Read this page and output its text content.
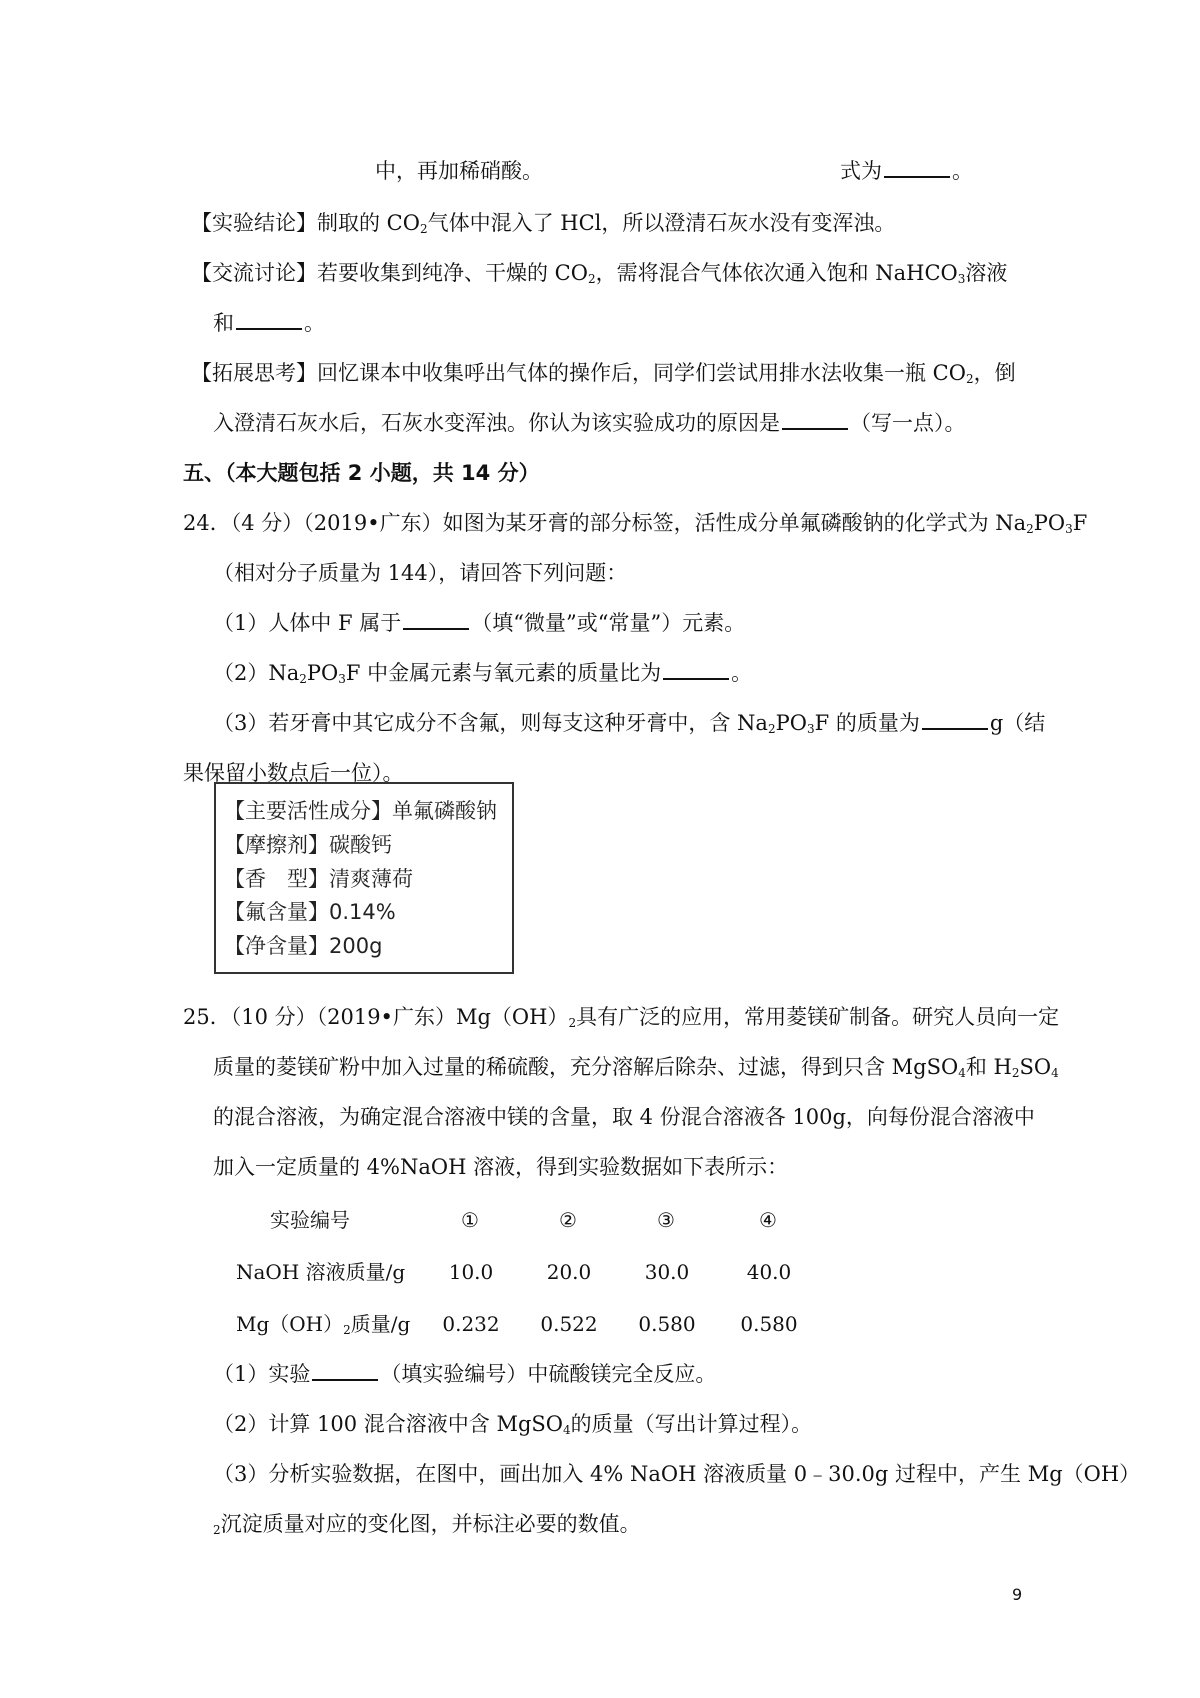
中，再加稀硝酸。	式为	。
【实验结论】制取的 $CO_2$气体中混入了 HCl，所以澄清石灰水没有变浑浊。
【交流讨论】若要收集到纯净、干燥的 $CO_2$，需将混合气体依次通入饱和 NaHCO$_3$溶液
和	。
【拓展思考】回忆课本中收集呼出气体的操作后，同学们尝试用排水法收集一瓶 $CO_2$，倒
入澄清石灰水后，石灰水变浑浊。你认为该实验成功的原因是	（写一点）。
五、（本大题包括 2 小题，共 14 分）
24．（4 分）（2019•广东）如图为某牙膏的部分标签，活性成分单氟磷酸钠的化学式为 $Na_2PO_3F$
（相对分子质量为 144），请回答下列问题：
（1）人体中 F 属于	（填“微量”或“常量”）元素。
$(2)Na_2PO_3F$ 中金属元素与氧元素的质量比为	。
（3）若牙膏中其它成分不含氟，则每支这种牙膏中，含 $Na_2PO_3F$ 的质量为	g（结
果保留小数点后一位）。
【主要活性成分】单氟磷酸钠
【摩擦剂】碳酸钙
【香　型】清爽薄荷
【氟含量】0.14%
【净含量】200g
25．（10 分）（2019•广东）$Mg(OH)_2$具有广泛的应用，常用菱镁矿制备。研究人员向一定
质量的菱镁矿粉中加入过量的稀硫酸，充分溶解后除杂、过滤，得到只含 MgSO$_4$和 $H_2SO_4$
的混合溶液，为确定混合溶液中镁的含量，取 4 份混合溶液各 100g，向每份混合溶液中
加入一定质量的 4%NaOH 溶液，得到实验数据如下表所示：
实验编号	①	②	③	④
NaOH 溶液质量/g	10.0	20.0	30.0	40.0
$Mg(OH)_2$质量/g	0.232	0.522	0.580	0.580
（1）实验	（填实验编号）中硫酸镁完全反应。
（2）计算 100 混合溶液中含 MgSO$_4$的质量（写出计算过程）。
（3）分析实验数据，在图中，画出加入 4% NaOH 溶液质量 0﹣30.0g 过程中，产生 Mg（OH）
$_2$沉淀质量对应的变化图，并标注必要的数值。
9
